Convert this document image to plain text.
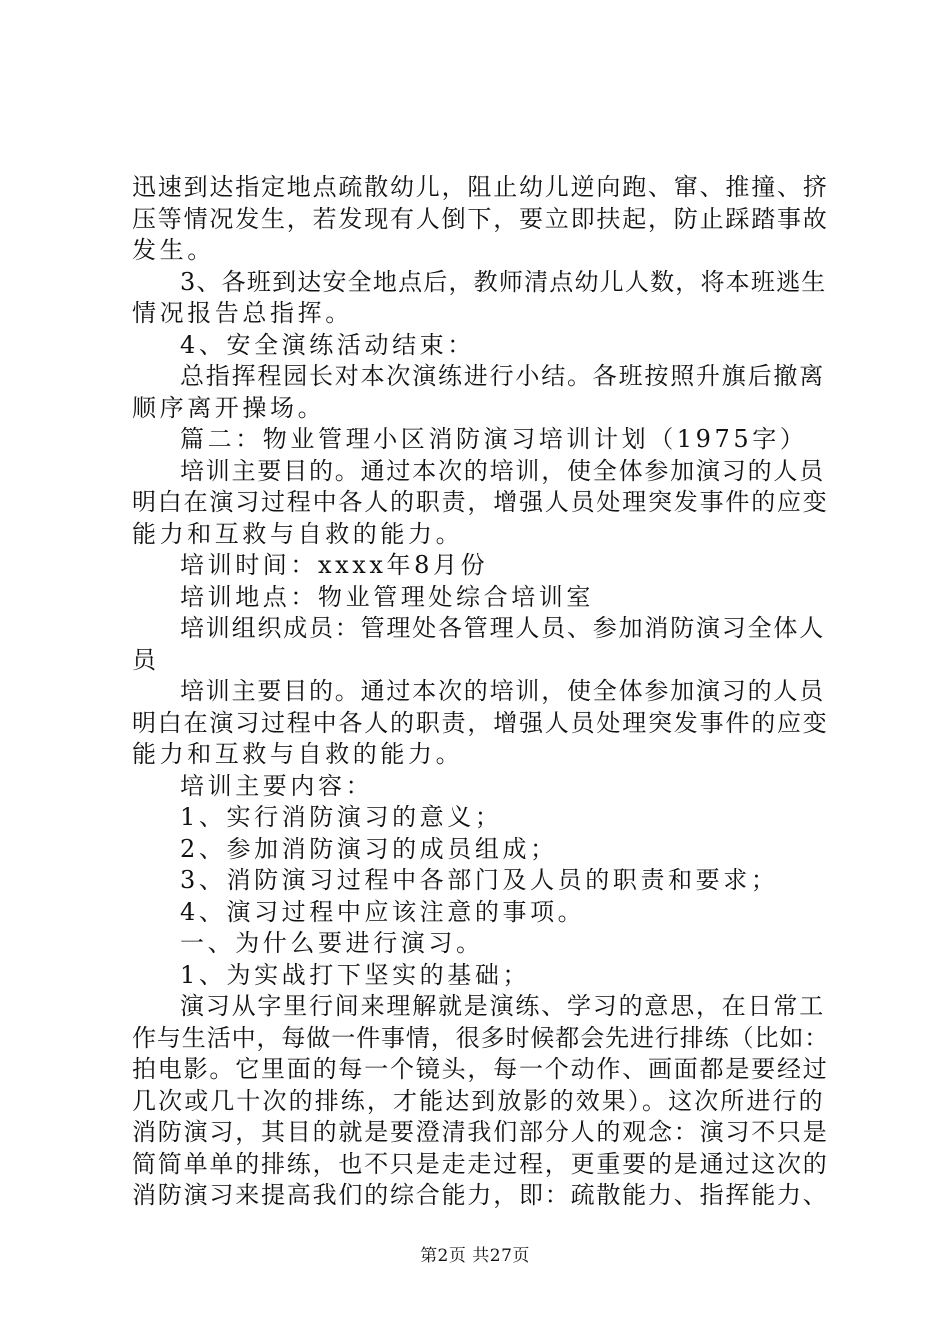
迅速到达指定地点疏散幼儿，阻止幼儿逆向跑、窜、推撞、挤
压等情况发生，若发现有人倒下，要立即扶起，防止踩踏事故
发生。
3、各班到达安全地点后，教师清点幼儿人数，将本班逃生
情况报告总指挥。
4、安全演练活动结束：
总指挥程园长对本次演练进行小结。各班按照升旗后撤离
顺序离开操场。
篇二：物业管理小区消防演习培训计划（1975字）
培训主要目的。通过本次的培训，使全体参加演习的人员
明白在演习过程中各人的职责，增强人员处理突发事件的应变
能力和互救与自救的能力。
培训时间：xxxx年8月份
培训地点：物业管理处综合培训室
培训组织成员：管理处各管理人员、参加消防演习全体人
员
培训主要目的。通过本次的培训，使全体参加演习的人员
明白在演习过程中各人的职责，增强人员处理突发事件的应变
能力和互救与自救的能力。
培训主要内容：
1、实行消防演习的意义；
2、参加消防演习的成员组成；
3、消防演习过程中各部门及人员的职责和要求；
4、演习过程中应该注意的事项。
一、为什么要进行演习。
1、为实战打下坚实的基础；
演习从字里行间来理解就是演练、学习的意思，在日常工
作与生活中，每做一件事情，很多时候都会先进行排练（比如：
拍电影。它里面的每一个镜头，每一个动作、画面都是要经过
几次或几十次的排练，才能达到放影的效果）。这次所进行的
消防演习，其目的就是要澄清我们部分人的观念：演习不只是
简简单单的排练，也不只是走走过程，更重要的是通过这次的
消防演习来提高我们的综合能力，即：疏散能力、指挥能力、
第2页 共27页
